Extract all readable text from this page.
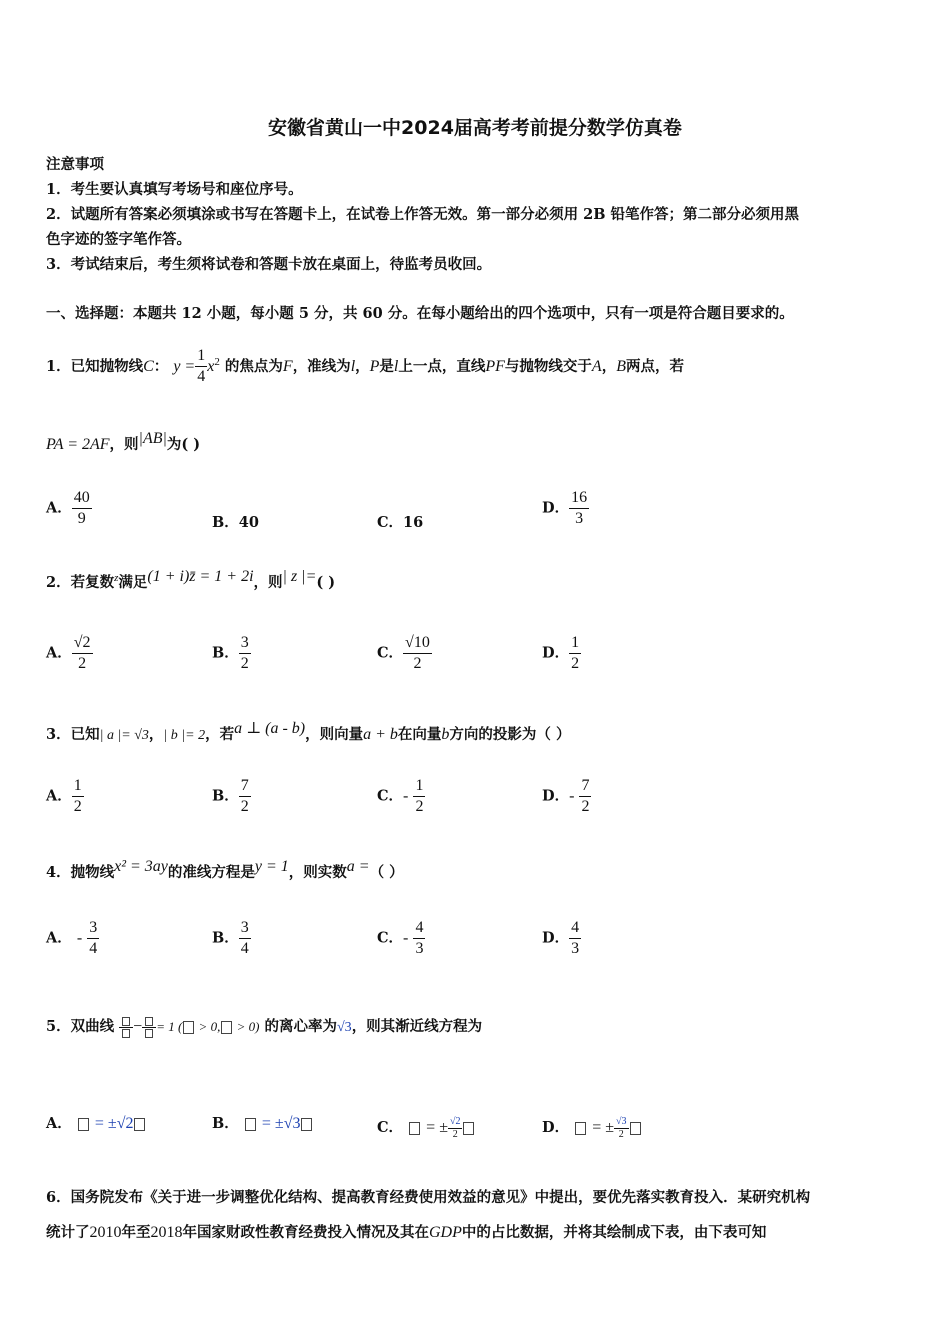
安徽省黄山一中2024届高考考前提分数学仿真卷
注意事项
1．考生要认真填写考场号和座位序号。
2．试题所有答案必须填涂或书写在答题卡上，在试卷上作答无效。第一部分必须用 2B 铅笔作答；第二部分必须用黑
色字迹的签字笔作答。
3．考试结束后，考生须将试卷和答题卡放在桌面上，待监考员收回。
一、选择题：本题共 12 小题，每小题 5 分，共 60 分。在每小题给出的四个选项中，只有一项是符合题目要求的。
1．已知抛物线C： $y = \frac{1}{4} x^2$ 的焦点为F，准线为l，P是l上一点，直线PF与抛物线交于A，B两点，若
PA = 2AF，则$^{|AB|}$为( )
A． $\frac{40}{9}$	B．40	C．16
D． $\frac{16}{3}$
2．若复数$^z$满足$^{(1 + i)z̄ = 1 + 2i}$，则$^{| z |=}$( )
A． $\frac{√2}{2}$	B． $\frac{3}{2}$	C． $\frac{√10}{2}$	D． $\frac{1}{2}$
3．已知| a |= √3，| b |= 2，若$^{a \perp (a - b)}$，则向量a + b在向量b方向的投影为（ ）
A． $\frac{1}{2}$	B． $\frac{7}{2}$	C．- $\frac{1}{2}$	D．- $\frac{7}{2}$
4．抛物线$^{x^2 = 3ay}$的准线方程是$^{y = 1}$，则实数$^{a =}$（ ）
A． - $\frac{3}{4}$	B． $\frac{3}{4}$	C．- $\frac{4}{3}$	D． $\frac{4}{3}$
5．双曲线 − = 1 ( > 0, > 0) 的离心率为√3，则其渐近线方程为
A． = ±√2	B． = ±√3	C． = ± $\frac{√2}{2}$	D． = ± $\frac{√3}{2}$
6．国务院发布《关于进一步调整优化结构、提高教育经费使用效益的意见》中提出，要优先落实教育投入．某研究机构
统计了2010年至2018年国家财政性教育经费投入情况及其在GDP中的占比数据，并将其绘制成下表，由下表可知
